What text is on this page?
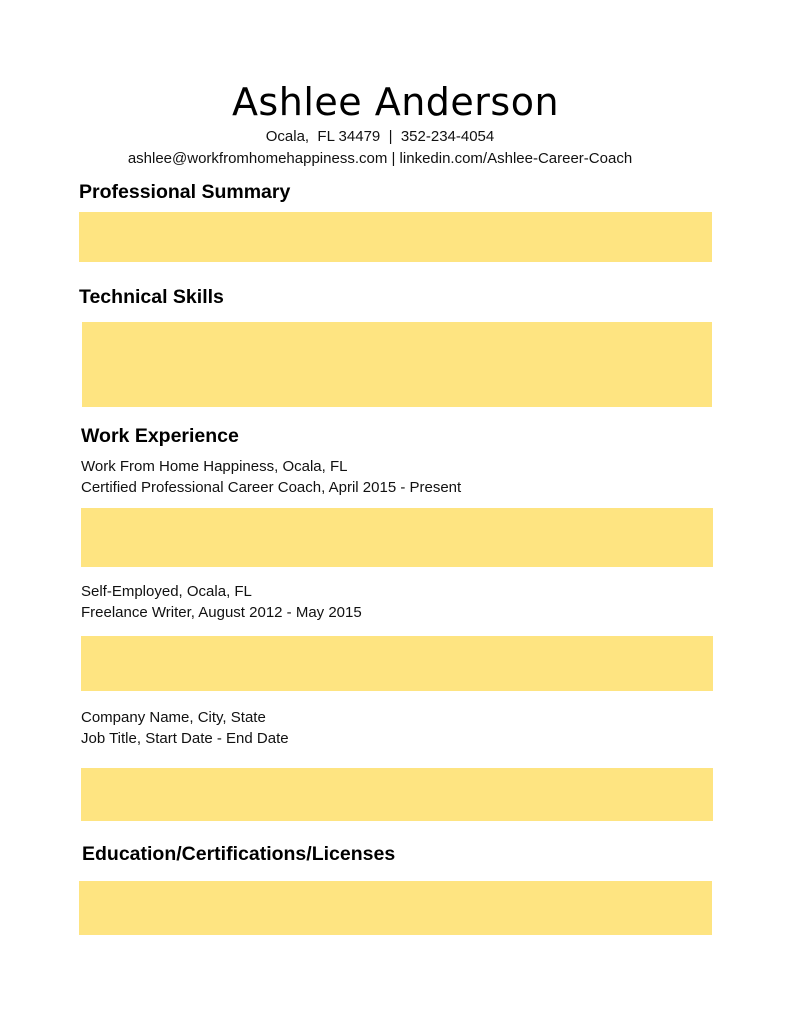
Ashlee Anderson
Ocala,  FL 34479  |  352-234-4054
ashlee@workfromhomehappiness.com | linkedin.com/Ashlee-Career-Coach
Professional Summary
Technical Skills
Work Experience
Work From Home Happiness, Ocala, FL
Certified Professional Career Coach, April 2015 - Present
Self-Employed, Ocala, FL
Freelance Writer, August 2012 - May 2015
Company Name, City, State
Job Title, Start Date - End Date
Education/Certifications/Licenses
